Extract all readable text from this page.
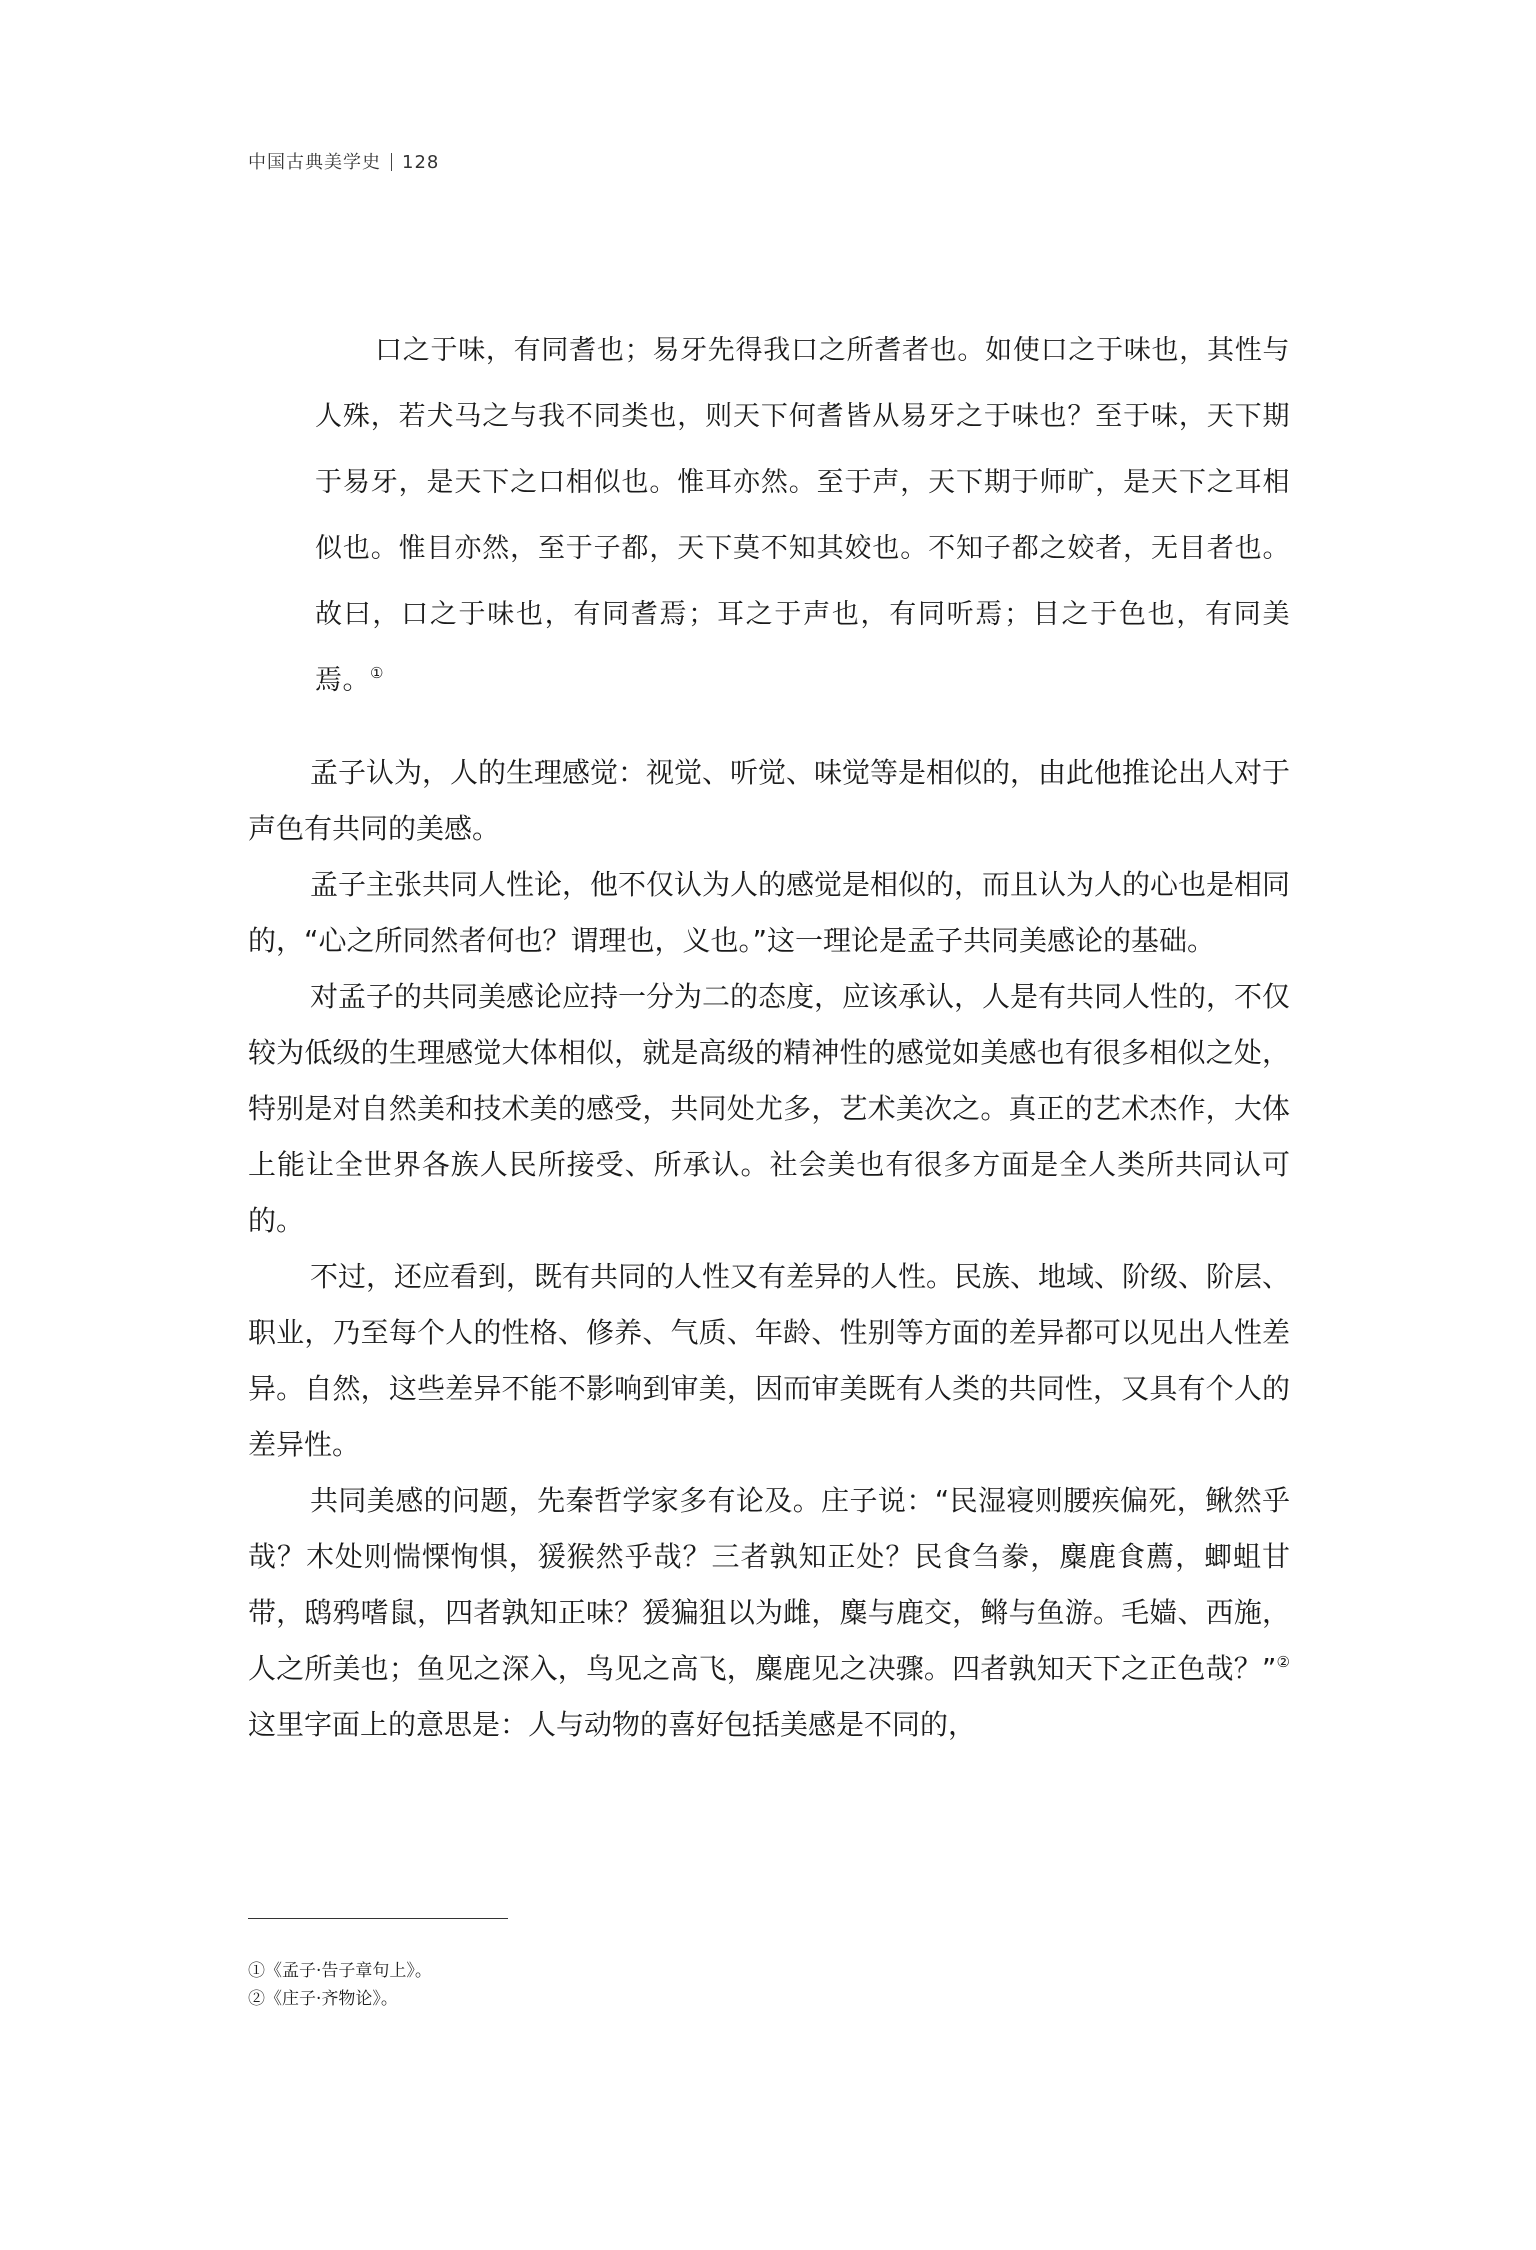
中国古典美学史 128

口之于味，有同耆也；易牙先得我口之所耆者也。如使口之于味也，其性与人殊，若犬马之与我不同类也，则天下何耆皆从易牙之于味也？至于味，天下期于易牙，是天下之口相似也。惟耳亦然。至于声，天下期于师旷，是天下之耳相似也。惟目亦然，至于子都，天下莫不知其姣也。不知子都之姣者，无目者也。故曰，口之于味也，有同耆焉；耳之于声也，有同听焉；目之于色也，有同美焉。①

孟子认为，人的生理感觉：视觉、听觉、味觉等是相似的，由此他推论出人对于声色有共同的美感。

孟子主张共同人性论，他不仅认为人的感觉是相似的，而且认为人的心也是相同的，“心之所同然者何也？谓理也，义也。”这一理论是孟子共同美感论的基础。

对孟子的共同美感论应持一分为二的态度，应该承认，人是有共同人性的，不仅较为低级的生理感觉大体相似，就是高级的精神性的感觉如美感也有很多相似之处，特别是对自然美和技术美的感受，共同处尤多，艺术美次之。真正的艺术杰作，大体上能让全世界各族人民所接受、所承认。社会美也有很多方面是全人类所共同认可的。

不过，还应看到，既有共同的人性又有差异的人性。民族、地域、阶级、阶层、职业，乃至每个人的性格、修养、气质、年龄、性别等方面的差异都可以见出人性差异。自然，这些差异不能不影响到审美，因而审美既有人类的共同性，又具有个人的差异性。

共同美感的问题，先秦哲学家多有论及。庄子说：“民湿寝则腰疾偏死，鳅然乎哉？木处则惴慄恂惧，猨猴然乎哉？三者孰知正处？民食刍豢，麋鹿食薦，蝍蛆甘带，鸱鸦嗜鼠，四者孰知正味？猨猵狙以为雌，麋与鹿交，鳉与鱼游。毛嫱、西施，人之所美也；鱼见之深入，鸟见之高飞，麋鹿见之决骤。四者孰知天下之正色哉？”②这里字面上的意思是：人与动物的喜好包括美感是不同的，

①《孟子·告子章句上》。
②《庄子·齐物论》。
